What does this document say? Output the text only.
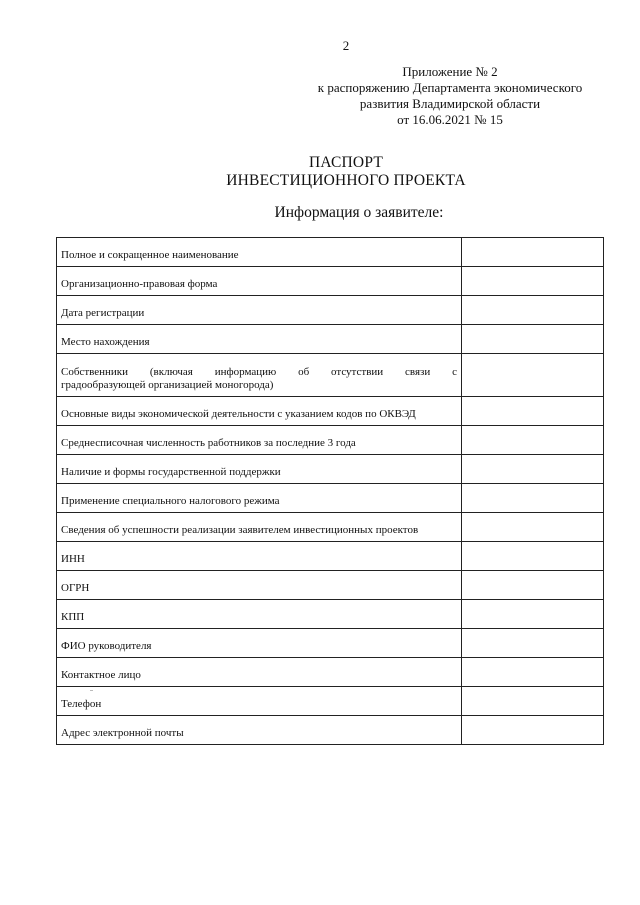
2
Приложение № 2
к распоряжению Департамента экономического
развития Владимирской области
от 16.06.2021 № 15
ПАСПОРТ
ИНВЕСТИЦИОННОГО ПРОЕКТА
Информация о заявителе:
Полное и сокращенное наименование	
Организационно-правовая форма	
Дата регистрации	
Место нахождения	

Собственники (включая информацию об отсутствии связи с
градообразующей организацией моногорода)	
Основные виды экономической деятельности с указанием кодов по ОКВЭД	
Среднесписочная численность работников за последние 3 года	
Наличие и формы государственной поддержки	
Применение специального налогового режима	
Сведения об успешности реализации заявителем инвестиционных проектов	
ИНН	
ОГРН	
КПП	
ФИО руководителя	
Контактное лицо	
Телефон	
Адрес электронной почты	
